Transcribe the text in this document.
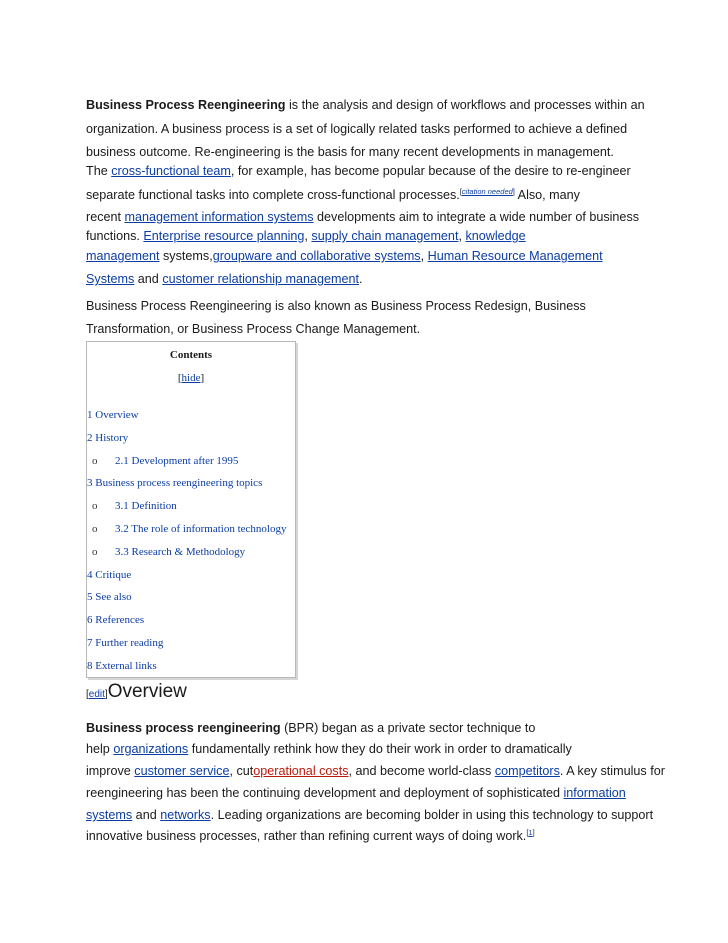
Business Process Reengineering is the analysis and design of workflows and processes within an

organization. A business process is a set of logically related tasks performed to achieve a defined

business outcome. Re-engineering is the basis for many recent developments in management.

The cross-functional team, for example, has become popular because of the desire to re-engineer

separate functional tasks into complete cross-functional processes.[citation needed] Also, many

recent management information systems developments aim to integrate a wide number of business

functions. Enterprise resource planning, supply chain management, knowledge

management systems,groupware and collaborative systems, Human Resource Management

Systems and customer relationship management.

Business Process Reengineering is also known as Business Process Redesign, Business

Transformation, or Business Process Change Management.

Contents
[hide]
1 Overview
2 History
o 2.1 Development after 1995
3 Business process reengineering topics
o 3.1 Definition
o 3.2 The role of information technology
o 3.3 Research & Methodology
4 Critique
5 See also
6 References
7 Further reading
8 External links
[edit]Overview

Business process reengineering (BPR) began as a private sector technique to

help organizations fundamentally rethink how they do their work in order to dramatically

improve customer service, cutoperational costs, and become world-class competitors. A key stimulus for

reengineering has been the continuing development and deployment of sophisticated information

systems and networks. Leading organizations are becoming bolder in using this technology to support

innovative business processes, rather than refining current ways of doing work.[1]
